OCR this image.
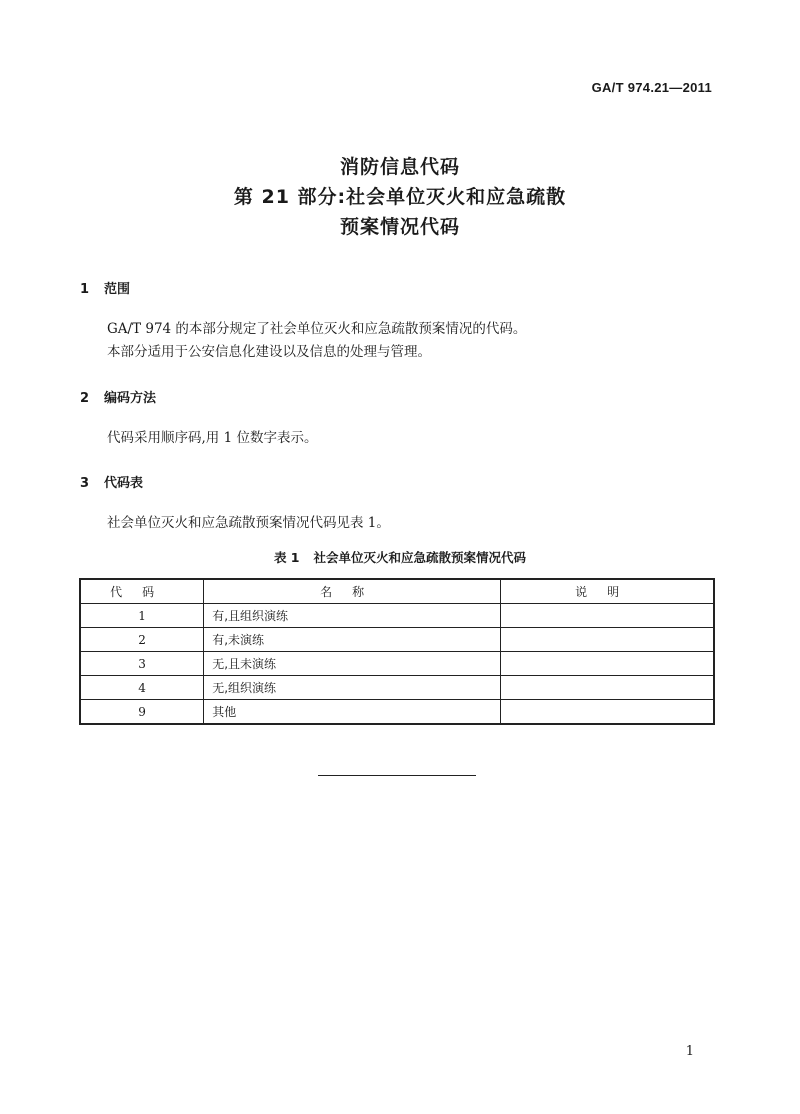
GA/T 974.21—2011
消防信息代码
第 21 部分:社会单位灭火和应急疏散
预案情况代码
1 范围
GA/T 974 的本部分规定了社会单位灭火和应急疏散预案情况的代码。
本部分适用于公安信息化建设以及信息的处理与管理。
2 编码方法
代码采用顺序码,用 1 位数字表示。
3 代码表
社会单位灭火和应急疏散预案情况代码见表 1。
表 1 社会单位灭火和应急疏散预案情况代码
代码	名称	说明
1	有,且组织演练	
2	有,未演练	
3	无,且未演练	
4	无,组织演练	
9	其他	
1
